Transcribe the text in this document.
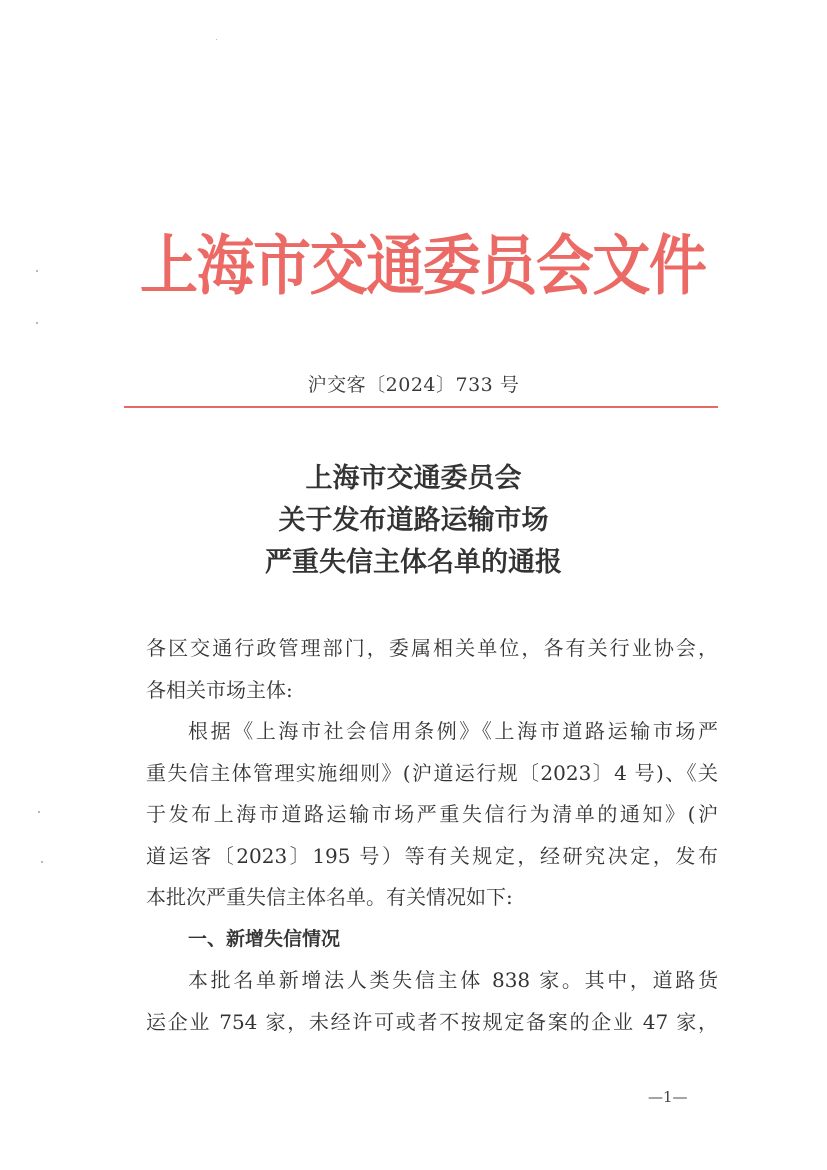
上
海
市
交
通
委
员
会
文
件
沪交客〔2024〕733 号
上海市交通委员会
关于发布道路运输市场
严重失信主体名单的通报
各区交通行政管理部门，委属相关单位，各有关行业协会，
各相关市场主体:
根据《上海市社会信用条例》《上海市道路运输市场严
重失信主体管理实施细则》(沪道运行规〔2023〕4 号)、《关
于发布上海市道路运输市场严重失信行为清单的通知》(沪
道运客〔2023〕195 号）等有关规定，经研究决定，发布
本批次严重失信主体名单。有关情况如下:
一、新增失信情况
本批名单新增法人类失信主体 838 家。其中，道路货
运企业 754 家，未经许可或者不按规定备案的企业 47 家，
—1—
